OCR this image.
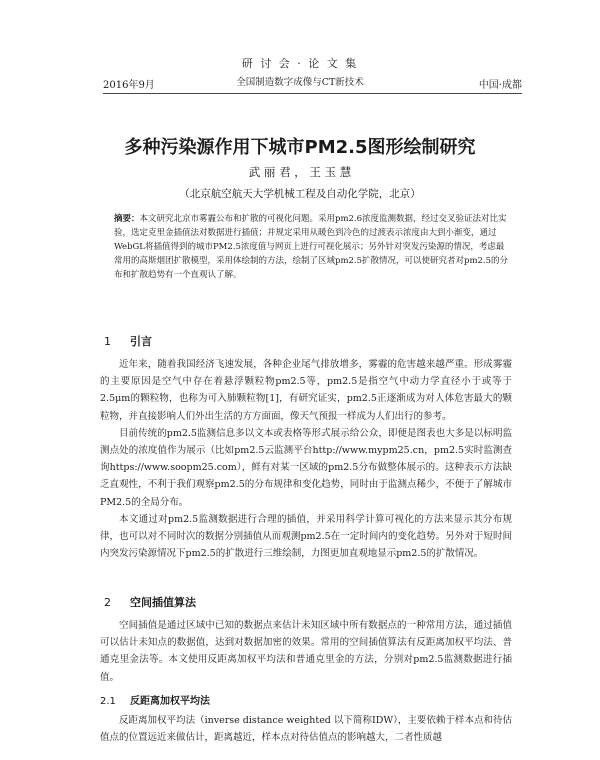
研 讨 会 · 论 文 集
全国制造数字成像与CT新技术
2016年9月	中国·成都
多种污染源作用下城市PM2.5图形绘制研究
武 丽 君 ， 王 玉 慧
（北京航空航天大学机械工程及自动化学院，北京）
摘要：本文研究北京市雾霾公布和扩散的可视化问题。采用pm2.6浓度监测数据，经过交叉验证法对比实验，选定克里金插值法对数据进行插值；并规定采用从暖色到冷色的过渡表示浓度由大到小渐变，通过WebGL将插值得到的城市PM2.5浓度值与网页上进行可视化展示；另外针对突发污染源的情况，考虑最常用的高斯烟团扩散模型，采用体绘制的方法，绘制了区域pm2.5扩散情况，可以使研究者对pm2.5的分布和扩散趋势有一个直观认了解。
1 引言

近年来，随着我国经济飞速发展，各种企业尾气排放增多，雾霾的危害越来越严重。形成雾霾的主要原因是空气中存在着悬浮颗粒物pm2.5等，pm2.5是指空气中动力学直径小于或等于2.5μm的颗粒物，也称为可入肺颗粒物[1]，有研究证实，pm2.5正逐渐成为对人体危害最大的颗粒物，并直接影响人们外出生活的方方面面，像天气预报一样成为人们出行的参考。

目前传统的pm2.5监测信息多以文本或表格等形式展示给公众，即便是图表也大多是以标明监测点处的浓度值作为展示（比如pm2.5云监测平台http://www.mypm25.cn，pm2.5实时监测查询https://www.soopm25.com），鲜有对某一区域的pm2.5分布做整体展示的。这种表示方法缺乏直观性，不利于我们观察pm2.5的分布规律和变化趋势，同时由于监测点稀少，不便于了解城市PM2.5的全局分布。

本文通过对pm2.5监测数据进行合理的插值，并采用科学计算可视化的方法来显示其分布规律，也可以对不同时次的数据分别插值从而观测pm2.5在一定时间内的变化趋势。另外对于短时间内突发污染源情况下pm2.5的扩散进行三维绘制，力图更加直观地显示pm2.5的扩散情况。

2 空间插值算法

空间插值是通过区域中已知的数据点来估计未知区域中所有数据点的一种常用方法，通过插值可以估计未知点的数据值，达到对数据加密的效果。常用的空间插值算法有反距离加权平均法、普通克里金法等。本文使用反距离加权平均法和普通克里金的方法，分别对pm2.5监测数据进行插值。

2.1 反距离加权平均法

反距离加权平均法（inverse distance weighted 以下简称IDW），主要依赖于样本点和待估值点的位置远近来做估计，距离越近，样本点对待估值点的影响越大，二者性质越
